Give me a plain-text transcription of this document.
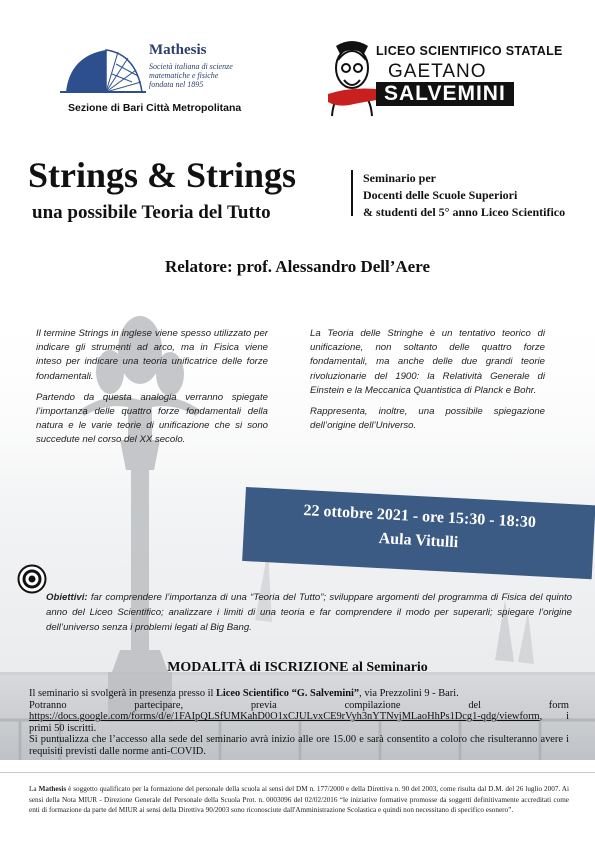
Mathesis
Società italiana di scienze
matematiche e fisiche
fondata nel 1895
Sezione di Bari Città Metropolitana
LICEO SCIENTIFICO STATALE
GAETANO
SALVEMINI
Strings & Strings
una possibile Teoria del Tutto
Seminario per
Docenti delle Scuole Superiori
& studenti del 5° anno Liceo Scientifico
Relatore: prof. Alessandro Dell’Aere

Il termine Strings in inglese viene spesso utilizzato per indicare gli strumenti ad arco, ma in Fisica viene inteso per indicare una teoria unificatrice delle forze fondamentali.

Partendo da questa analogia verranno spiegate l’importanza delle quattro forze fondamentali della natura e le varie teorie di unificazione che si sono succedute nel corso del XX secolo.

La Teoria delle Stringhe è un tentativo teorico di unificazione, non soltanto delle quattro forze fondamentali, ma anche delle due grandi teorie rivoluzionarie del 1900: la Relatività Generale di Einstein e la Meccanica Quantistica di Planck e Bohr.

Rappresenta, inoltre, una possibile spiegazione dell’origine dell’Universo.

22 ottobre 2021 - ore 15:30 - 18:30
Aula Vitulli
Obiettivi: far comprendere l’importanza di una “Teoria del Tutto”; sviluppare argomenti del programma di Fisica del quinto anno del Liceo Scientifico; analizzare i limiti di una teoria e far comprendere il modo per superarli; spiegare l’origine dell’universo senza i problemi legati al Big Bang.
MODALITÀ di ISCRIZIONE al Seminario

Il seminario si svolgerà in presenza presso il Liceo Scientifico “G. Salvemini”, via Prezzolini 9 - Bari.

Potranno partecipare, previa compilazione del form https://docs.google.com/forms/d/e/1FAIpQLSfUMKahD0O1xCJULvxCE9rVyh3nYTNvjMLaoHhPs1Dcg1-qdg/viewform, i primi 50 iscritti.

Si puntualizza che l’accesso alla sede del seminario avrà inizio alle ore 15.00 e sarà consentito a coloro che risulteranno avere i requisiti previsti dalle norme anti-COVID.

La Mathesis è soggetto qualificato per la formazione del personale della scuola ai sensi del DM n. 177/2000 e della Direttiva n. 90 del 2003, come risulta dal D.M. del 26 luglio 2007. Ai sensi della Nota MIUR - Direzione Generale del Personale della Scuola Prot. n. 0003096 del 02/02/2016 “le iniziative formative promosse da soggetti definitivamente accreditati come enti di formazione da parte del MIUR ai sensi della Direttiva 90/2003 sono riconosciute dall'Amministrazione Scolastica e quindi non necessitano di specifico esonero”.
